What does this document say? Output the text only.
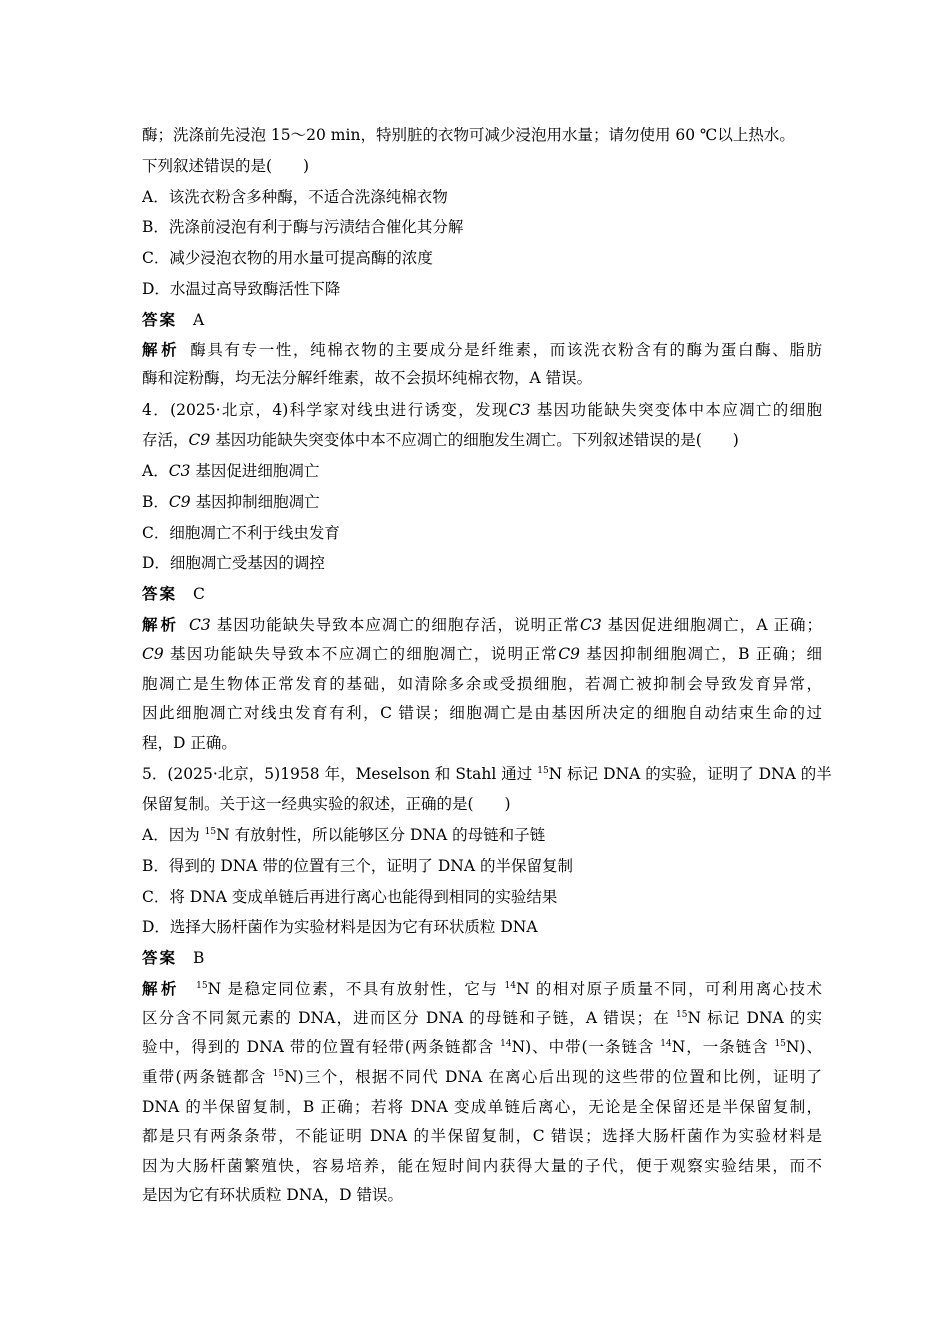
酶；洗涤前先浸泡 15～20 min，特别脏的衣物可减少浸泡用水量；请勿使用 60 ℃以上热水。
下列叙述错误的是(　　)
A．该洗衣粉含多种酶，不适合洗涤纯棉衣物
B．洗涤前浸泡有利于酶与污渍结合催化其分解
C．减少浸泡衣物的用水量可提高酶的浓度
D．水温过高导致酶活性下降
答案 A
解析 酶具有专一性，纯棉衣物的主要成分是纤维素，而该洗衣粉含有的酶为蛋白酶、脂肪
酶和淀粉酶，均无法分解纤维素，故不会损坏纯棉衣物，A 错误。
4．(2025·北京，4)科学家对线虫进行诱变，发现C3 基因功能缺失突变体中本应凋亡的细胞
存活，C9 基因功能缺失突变体中本不应凋亡的细胞发生凋亡。下列叙述错误的是(　　)
A．C3 基因促进细胞凋亡
B．C9 基因抑制细胞凋亡
C．细胞凋亡不利于线虫发育
D．细胞凋亡受基因的调控
答案 C
解析 C3 基因功能缺失导致本应凋亡的细胞存活，说明正常C3 基因促进细胞凋亡，A 正确；
C9 基因功能缺失导致本不应凋亡的细胞凋亡，说明正常C9 基因抑制细胞凋亡，B 正确；细
胞凋亡是生物体正常发育的基础，如清除多余或受损细胞，若凋亡被抑制会导致发育异常，
因此细胞凋亡对线虫发育有利，C 错误；细胞凋亡是由基因所决定的细胞自动结束生命的过
程，D 正确。
5．(2025·北京，5)1958 年，Meselson 和 Stahl 通过 $^{15}$N 标记 DNA 的实验，证明了 DNA 的半
保留复制。关于这一经典实验的叙述，正确的是(　　)
A．因为 $^{15}$N 有放射性，所以能够区分 DNA 的母链和子链
B．得到的 DNA 带的位置有三个，证明了 DNA 的半保留复制
C．将 DNA 变成单链后再进行离心也能得到相同的实验结果
D．选择大肠杆菌作为实验材料是因为它有环状质粒 DNA
答案 B
解析 $^{15}$N 是稳定同位素，不具有放射性，它与 $^{14}$N 的相对原子质量不同，可利用离心技术
区分含不同氮元素的 DNA，进而区分 DNA 的母链和子链，A 错误；在 $^{15}$N 标记 DNA 的实
验中，得到的 DNA 带的位置有轻带(两条链都含 $^{14}$N)、中带(一条链含 $^{14}$N，一条链含 $^{15}$N)、
重带(两条链都含 $^{15}$N)三个，根据不同代 DNA 在离心后出现的这些带的位置和比例，证明了
DNA 的半保留复制，B 正确；若将 DNA 变成单链后离心，无论是全保留还是半保留复制，
都是只有两条条带，不能证明 DNA 的半保留复制，C 错误；选择大肠杆菌作为实验材料是
因为大肠杆菌繁殖快，容易培养，能在短时间内获得大量的子代，便于观察实验结果，而不
是因为它有环状质粒 DNA，D 错误。
